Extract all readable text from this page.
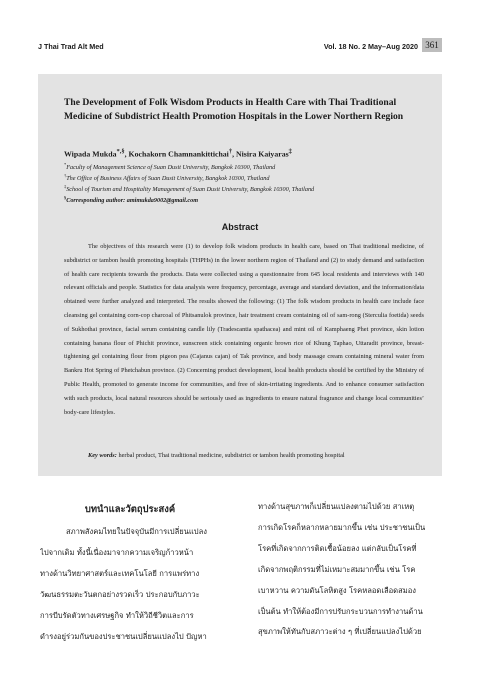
J Thai Trad Alt Med	Vol. 18 No. 2 May–Aug 2020 361
The Development of Folk Wisdom Products in Health Care with Thai Traditional Medicine of Subdistrict Health Promotion Hospitals in the Lower Northern Region
Wipada Mukda*,§, Kochakorn Chamnankittichai†, Nisira Kaiyaras‡
*Faculty of Management Science of Suan Dusit University, Bangkok 10300, Thailand
†The Office of Business Affairs of Suan Dusit University, Bangkok 10300, Thailand
‡School of Tourism and Hospitality Management of Suan Dusit University, Bangkok 10300, Thailand
§Corresponding author: amimukda9002@gmail.com
Abstract
The objectives of this research were (1) to develop folk wisdom products in health care, based on Thai traditional medicine, of subdistrict or tambon health promoting hospitals (THPHs) in the lower northern region of Thailand and (2) to study demand and satisfaction of health care recipients towards the products. Data were collected using a questionnaire from 645 local residents and interviews with 140 relevant officials and people. Statistics for data analysis were frequency, percentage, average and standard deviation, and the information/data obtained were further analyzed and interpreted. The results showed the following: (1) The folk wisdom products in health care include face cleansing gel containing corn-cop charcoal of Phitsanulok province, hair treatment cream containing oil of sam-rong (Sterculia foetida) seeds of Sukhothai province, facial serum containing candle lily (Tradescantia spathacea) and mint oil of Kamphaeng Phet province, skin lotion containing banana flour of Phichit province, sunscreen stick containing organic brown rice of Khung Taphao, Uttaradit province, breast-tightening gel containing flour from pigeon pea (Cajanus cajan) of Tak province, and body massage cream containing mineral water from Bankru Hot Spring of Phetchabun province. (2) Concerning product development, local health products should be certified by the Ministry of Public Health, promoted to generate income for communities, and free of skin-irritating ingredients. And to enhance consumer satisfaction with such products, local natural resources should be seriously used as ingredients to ensure natural fragrance and change local communities’ body-care lifestyles.
Key words: herbal product, Thai traditional medicine, subdistrict or tambon health promoting hospital
บทนำและวัตถุประสงค์
สภาพสังคมไทยในปัจจุบันมีการเปลี่ยนแปลง
ไปจากเดิม ทั้งนี้เนื่องมาจากความเจริญก้าวหน้า
ทางด้านวิทยาศาสตร์และเทคโนโลยี การแพร่ทาง
วัฒนธรรมตะวันตกอย่างรวดเร็ว ประกอบกับภาวะ
การบีบรัดตัวทางเศรษฐกิจ ทำให้วิถีชีวิตและการ
ดำรงอยู่ร่วมกันของประชาชนเปลี่ยนแปลงไป ปัญหา
ทางด้านสุขภาพก็เปลี่ยนแปลงตามไปด้วย สาเหตุ
การเกิดโรคก็หลากหลายมากขึ้น เช่น ประชาชนเป็น
โรคที่เกิดจากการติดเชื้อน้อยลง แต่กลับเป็นโรคที่
เกิดจากพฤติกรรมที่ไม่เหมาะสมมากขึ้น เช่น โรค
เบาหวาน ความดันโลหิตสูง โรคหลอดเลือดสมอง
เป็นต้น ทำให้ต้องมีการปรับกระบวนการทำงานด้าน
สุขภาพให้ทันกับสภาวะต่าง ๆ ที่เปลี่ยนแปลงไปด้วย
